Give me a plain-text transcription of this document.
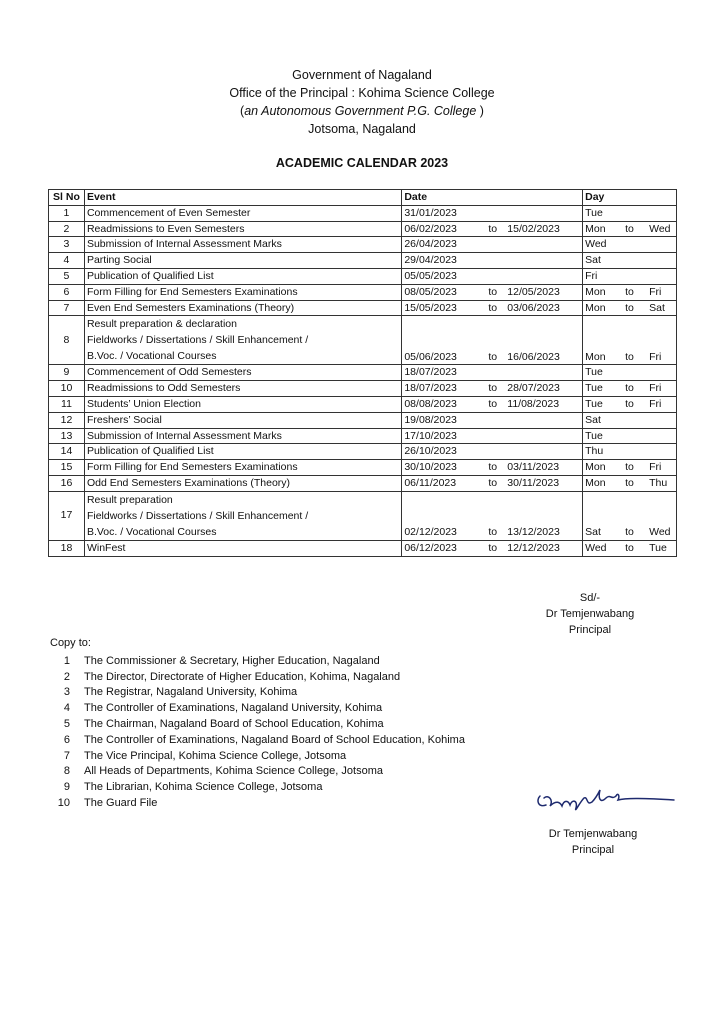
Government of Nagaland
Office of the Principal : Kohima Science College
(an Autonomous Government P.G. College )
Jotsoma, Nagaland
ACADEMIC CALENDAR 2023
Sl No	Event	Date	Day
1	Commencement of Even Semester	31/01/2023	Tue
2	Readmissions to Even Semesters	06/02/2023 to 15/02/2023	Mon to Wed
3	Submission of Internal Assessment Marks	26/04/2023	Wed
4	Parting Social	29/04/2023	Sat
5	Publication of Qualified List	05/05/2023	Fri
6	Form Filling for End Semesters Examinations	08/05/2023 to 12/05/2023	Mon to Fri
7	Even End Semesters Examinations (Theory)	15/05/2023 to 03/06/2023	Mon to Sat
8	Result preparation & declaration
Fieldworks / Dissertations / Skill Enhancement /
B.Voc. / Vocational Courses	05/06/2023 to 16/06/2023	Mon to Fri
9	Commencement of Odd Semesters	18/07/2023	Tue
10	Readmissions to Odd Semesters	18/07/2023 to 28/07/2023	Tue to Fri
11	Students’ Union Election	08/08/2023 to 11/08/2023	Tue to Fri
12	Freshers’ Social	19/08/2023	Sat
13	Submission of Internal Assessment Marks	17/10/2023	Tue
14	Publication of Qualified List	26/10/2023	Thu
15	Form Filling for End Semesters Examinations	30/10/2023 to 03/11/2023	Mon to Fri
16	Odd End Semesters Examinations (Theory)	06/11/2023 to 30/11/2023	Mon to Thu
17	Result preparation
Fieldworks / Dissertations / Skill Enhancement /
B.Voc. / Vocational Courses	02/12/2023 to 13/12/2023	Sat to Wed
18	WinFest	06/12/2023 to 12/12/2023	Wed to Tue
Sd/-
Dr Temjenwabang
Principal
Copy to:
1 The Commissioner & Secretary, Higher Education, Nagaland
2 The Director, Directorate of Higher Education, Kohima, Nagaland
3 The Registrar, Nagaland University, Kohima
4 The Controller of Examinations, Nagaland University, Kohima
5 The Chairman, Nagaland Board of School Education, Kohima
6 The Controller of Examinations, Nagaland Board of School Education, Kohima
7 The Vice Principal, Kohima Science College, Jotsoma
8 All Heads of Departments, Kohima Science College, Jotsoma
9 The Librarian, Kohima Science College, Jotsoma
10 The Guard File
Dr Temjenwabang
Principal
